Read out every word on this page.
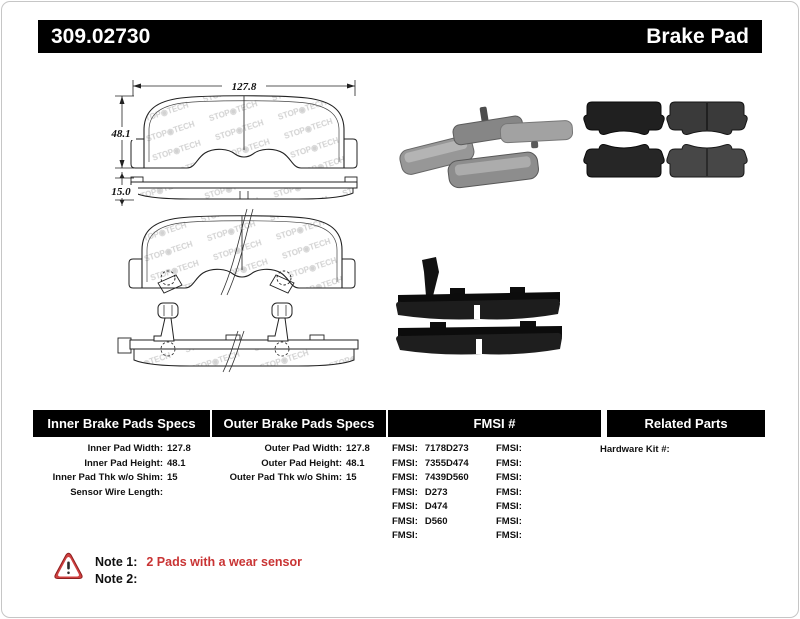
309.02730	Brake Pad
127.8
48.1
15.0
Inner Brake Pads Specs	Outer Brake Pads Specs	FMSI #	Related Parts
Inner Pad Width: 127.8
Inner Pad Height: 48.1
Inner Pad Thk w/o Shim: 15
Sensor Wire Length:
Outer Pad Width: 127.8
Outer Pad Height: 48.1
Outer Pad Thk w/o Shim: 15
FMSI: 7178D273
FMSI: 7355D474
FMSI: 7439D560
FMSI: D273
FMSI: D474
FMSI: D560
FMSI:
FMSI:
FMSI:
FMSI:
FMSI:
FMSI:
FMSI:
FMSI:
Hardware Kit #:
Note 1: 2 Pads with a wear sensor
Note 2:
